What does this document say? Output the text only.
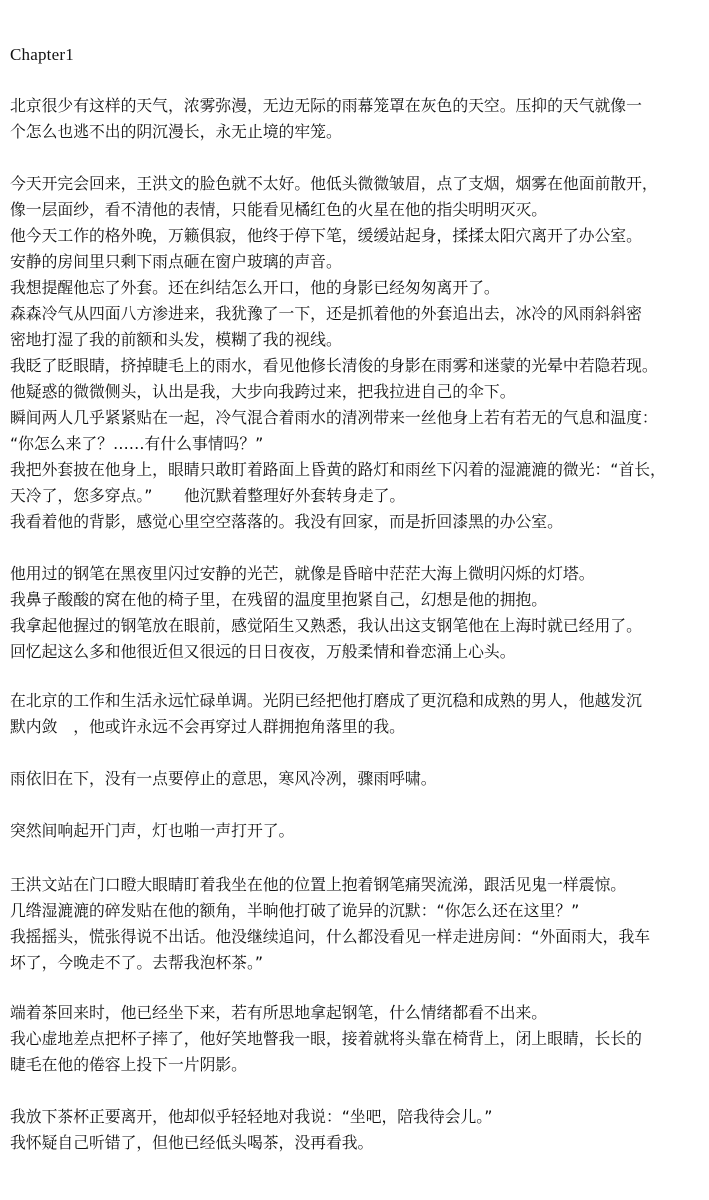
Chapter1
北京很少有这样的天气，浓雾弥漫，无边无际的雨幕笼罩在灰色的天空。压抑的天气就像一
个怎么也逃不出的阴沉漫长，永无止境的牢笼。
今天开完会回来，王洪文的脸色就不太好。他低头微微皱眉，点了支烟，烟雾在他面前散开，
像一层面纱，看不清他的表情，只能看见橘红色的火星在他的指尖明明灭灭。
他今天工作的格外晚，万籁俱寂，他终于停下笔，缓缓站起身，揉揉太阳穴离开了办公室。
安静的房间里只剩下雨点砸在窗户玻璃的声音。
我想提醒他忘了外套。还在纠结怎么开口，他的身影已经匆匆离开了。
森森冷气从四面八方渗进来，我犹豫了一下，还是抓着他的外套追出去，冰冷的风雨斜斜密
密地打湿了我的前额和头发，模糊了我的视线。
我眨了眨眼睛，挤掉睫毛上的雨水，看见他修长清俊的身影在雨雾和迷蒙的光晕中若隐若现。
他疑惑的微微侧头，认出是我，大步向我跨过来，把我拉进自己的伞下。
瞬间两人几乎紧紧贴在一起，冷气混合着雨水的清冽带来一丝他身上若有若无的气息和温度：
“你怎么来了？……有什么事情吗？”
我把外套披在他身上，眼睛只敢盯着路面上昏黄的路灯和雨丝下闪着的湿漉漉的微光：“首长，
天冷了，您多穿点。”　　他沉默着整理好外套转身走了。
我看着他的背影，感觉心里空空落落的。我没有回家，而是折回漆黑的办公室。
他用过的钢笔在黑夜里闪过安静的光芒，就像是昏暗中茫茫大海上微明闪烁的灯塔。
我鼻子酸酸的窝在他的椅子里，在残留的温度里抱紧自己，幻想是他的拥抱。
我拿起他握过的钢笔放在眼前，感觉陌生又熟悉，我认出这支钢笔他在上海时就已经用了。
回忆起这么多和他很近但又很远的日日夜夜，万般柔情和眷恋涌上心头。
在北京的工作和生活永远忙碌单调。光阴已经把他打磨成了更沉稳和成熟的男人，他越发沉
默内敛　，他或许永远不会再穿过人群拥抱角落里的我。
雨依旧在下，没有一点要停止的意思，寒风冷冽，骤雨呼啸。
突然间响起开门声，灯也啪一声打开了。
王洪文站在门口瞪大眼睛盯着我坐在他的位置上抱着钢笔痛哭流涕，跟活见鬼一样震惊。
几绺湿漉漉的碎发贴在他的额角，半晌他打破了诡异的沉默：“你怎么还在这里？”
我摇摇头，慌张得说不出话。他没继续追问，什么都没看见一样走进房间：“外面雨大，我车
坏了，今晚走不了。去帮我泡杯茶。”
端着茶回来时，他已经坐下来，若有所思地拿起钢笔，什么情绪都看不出来。
我心虚地差点把杯子摔了，他好笑地瞥我一眼，接着就将头靠在椅背上，闭上眼睛，长长的
睫毛在他的倦容上投下一片阴影。
我放下茶杯正要离开，他却似乎轻轻地对我说：“坐吧，陪我待会儿。”
我怀疑自己听错了，但他已经低头喝茶，没再看我。
